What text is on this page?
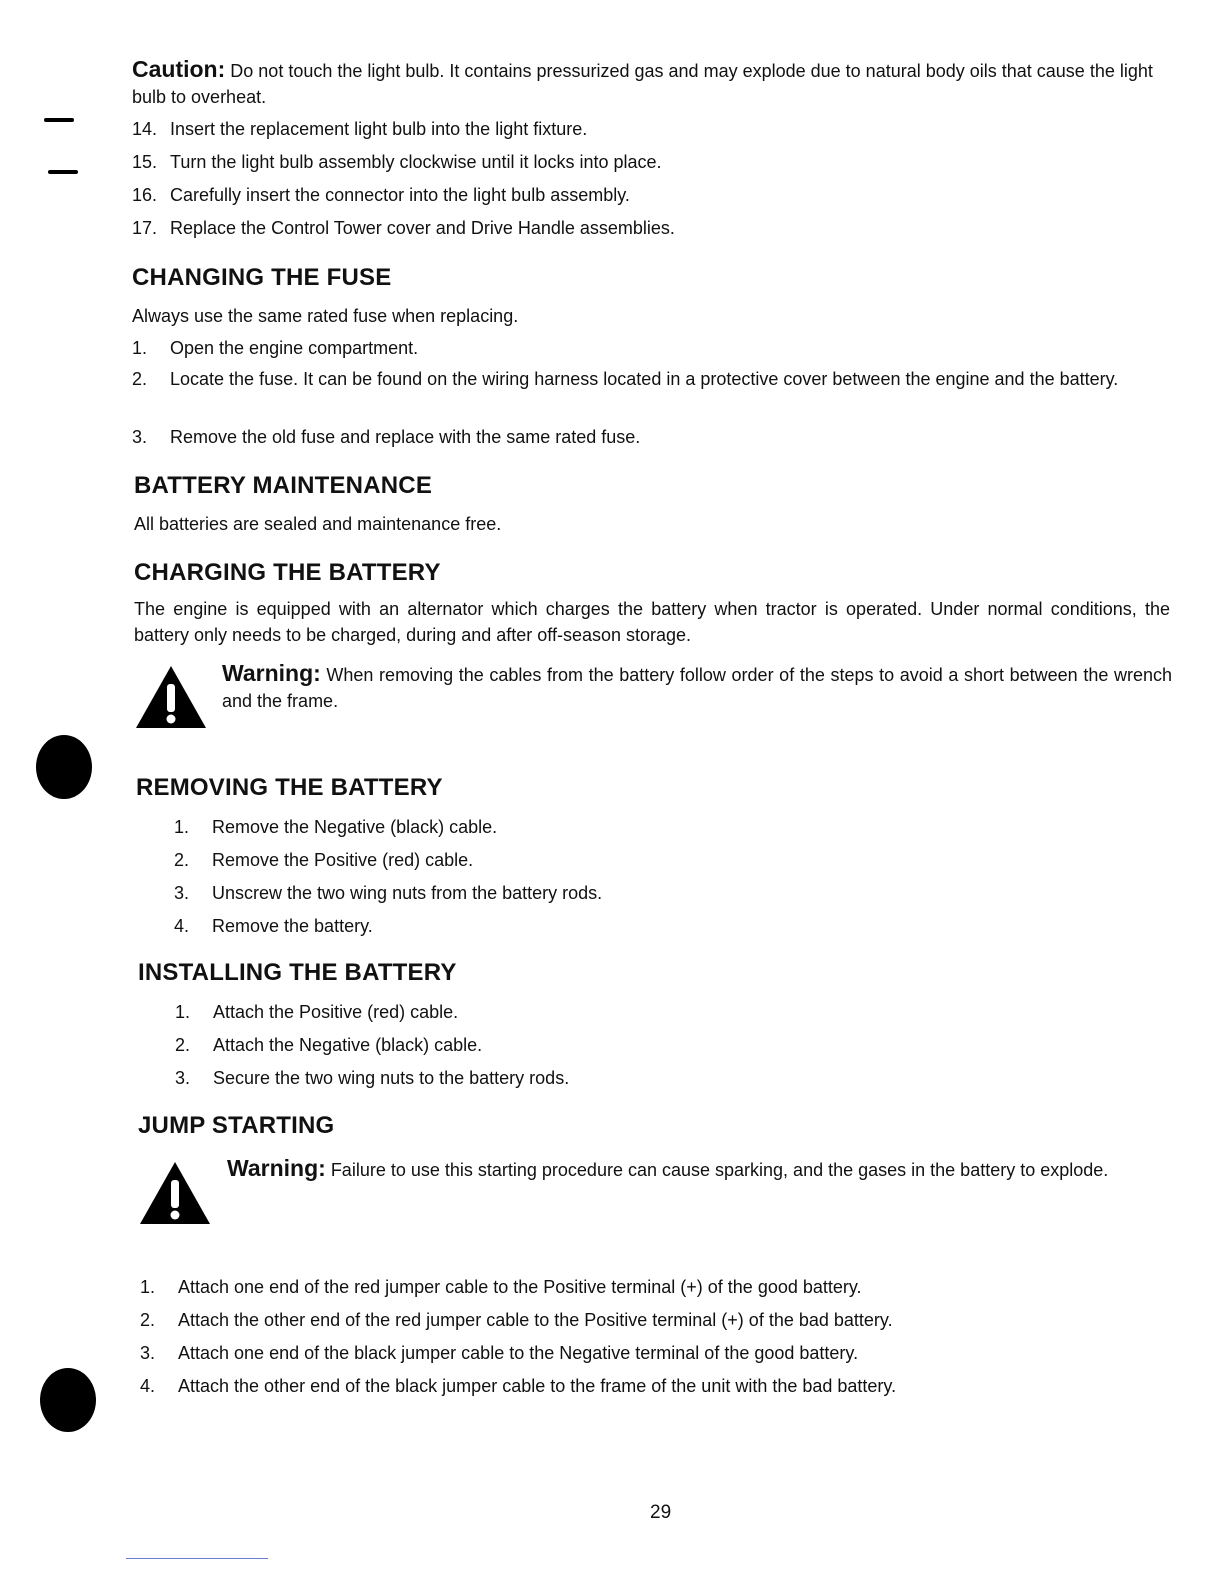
Caution: Do not touch the light bulb. It contains pressurized gas and may explode due to natural body oils that cause the light bulb to overheat.
14. Insert the replacement light bulb into the light fixture.
15. Turn the light bulb assembly clockwise until it locks into place.
16. Carefully insert the connector into the light bulb assembly.
17. Replace the Control Tower cover and Drive Handle assemblies.
CHANGING THE FUSE
Always use the same rated fuse when replacing.
1. Open the engine compartment.
2.	Locate the fuse. It can be found on the wiring harness located in a protective cover between the engine and the battery.
3. Remove the old fuse and replace with the same rated fuse.
BATTERY MAINTENANCE
All batteries are sealed and maintenance free.
CHARGING THE BATTERY
The engine is equipped with an alternator which charges the battery when tractor is operated. Under normal conditions, the battery only needs to be charged, during and after off-season storage.
Warning: When removing the cables from the battery follow order of the steps to avoid a short between the wrench and the frame.
REMOVING THE BATTERY
1. Remove the Negative (black) cable.
2. Remove the Positive (red) cable.
3. Unscrew the two wing nuts from the battery rods.
4. Remove the battery.
INSTALLING THE BATTERY
1. Attach the Positive (red) cable.
2. Attach the Negative (black) cable.
3. Secure the two wing nuts to the battery rods.
JUMP STARTING
Warning: Failure to use this starting procedure can cause sparking, and the gases in the battery to explode.
1. Attach one end of the red jumper cable to the Positive terminal (+) of the good battery.
2. Attach the other end of the red jumper cable to the Positive terminal (+) of the bad battery.
3. Attach one end of the black jumper cable to the Negative terminal of the good battery.
4. Attach the other end of the black jumper cable to the frame of the unit with the bad battery.
29
